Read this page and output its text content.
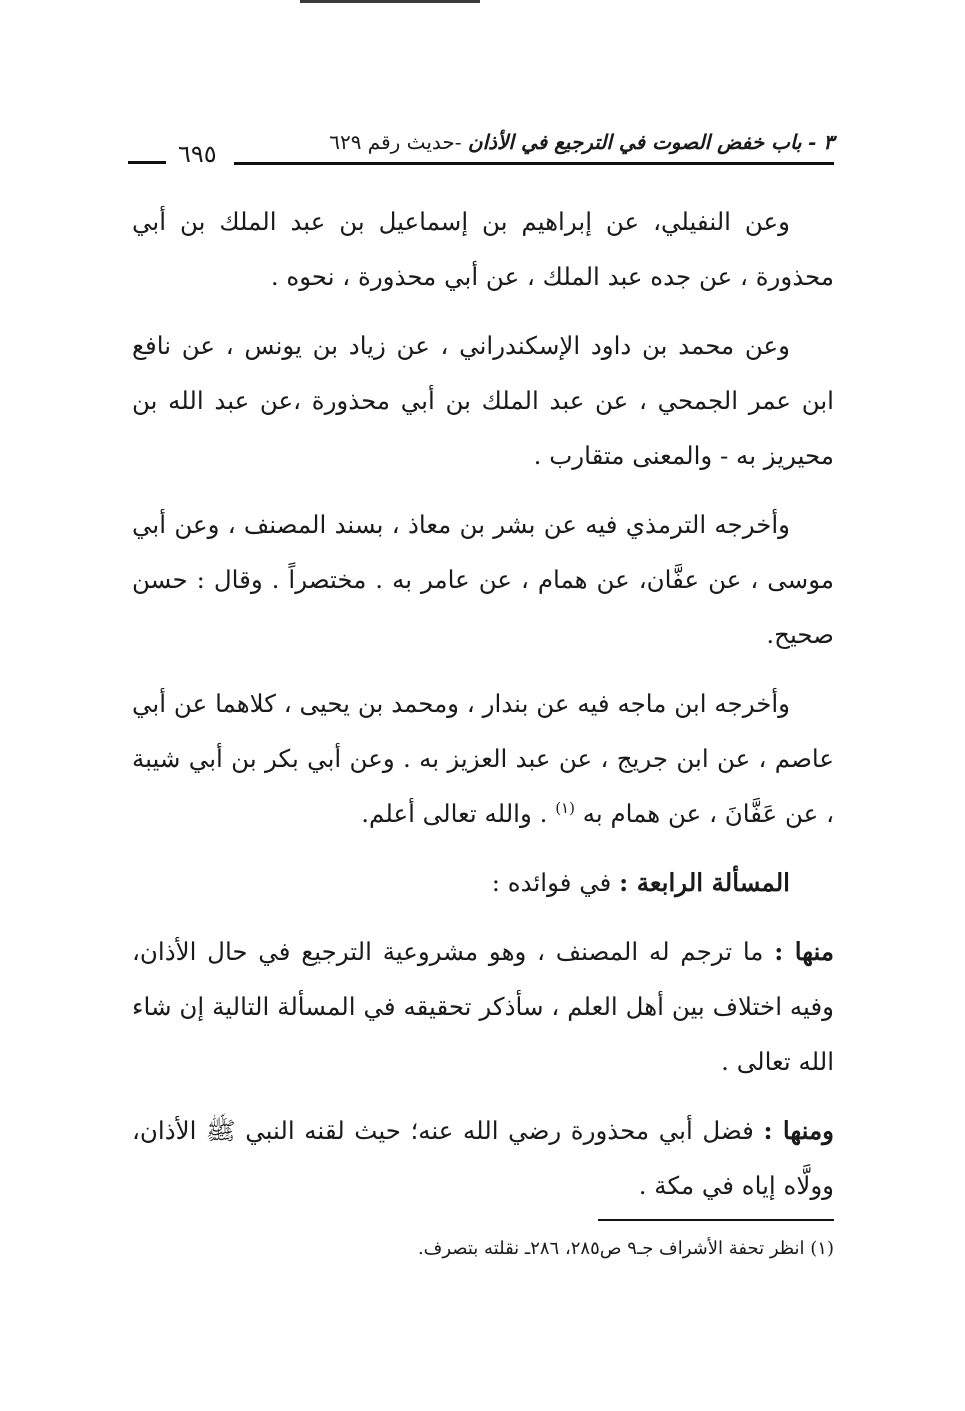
٣ - باب خفض الصوت في الترجيع في الأذان -حديث رقم ٦٢٩
٦٩٥

وعن النفيلي، عن إبراهيم بن إسماعيل بن عبد الملك بن أبي محذورة ، عن جده عبد الملك ، عن أبي محذورة ، نحوه .

وعن محمد بن داود الإسكندراني ، عن زياد بن يونس ، عن نافع ابن عمر الجمحي ، عن عبد الملك بن أبي محذورة ،عن عبد الله بن محيريز به - والمعنى متقارب .

وأخرجه الترمذي فيه عن بشر بن معاذ ، بسند المصنف ، وعن أبي موسى ، عن عفَّان، عن همام ، عن عامر به . مختصراً . وقال : حسن صحيح.

وأخرجه ابن ماجه فيه عن بندار ، ومحمد بن يحيى ، كلاهما عن أبي عاصم ، عن ابن جريج ، عن عبد العزيز به . وعن أبي بكر بن أبي شيبة ، عن عَفَّانَ ، عن همام به $^{(١)}$ . والله تعالى أعلم.

المسألة الرابعة : في فوائده :

منها : ما ترجم له المصنف ، وهو مشروعية الترجيع في حال الأذان، وفيه اختلاف بين أهل العلم ، سأذكر تحقيقه في المسألة التالية إن شاء الله تعالى .

ومنها : فضل أبي محذورة رضي الله عنه؛ حيث لقنه النبي ﷺ الأذان، وولَّاه إياه في مكة .

(١) انظر تحفة الأشراف جـ٩ ص٢٨٥، ٢٨٦ـ نقلته بتصرف.
